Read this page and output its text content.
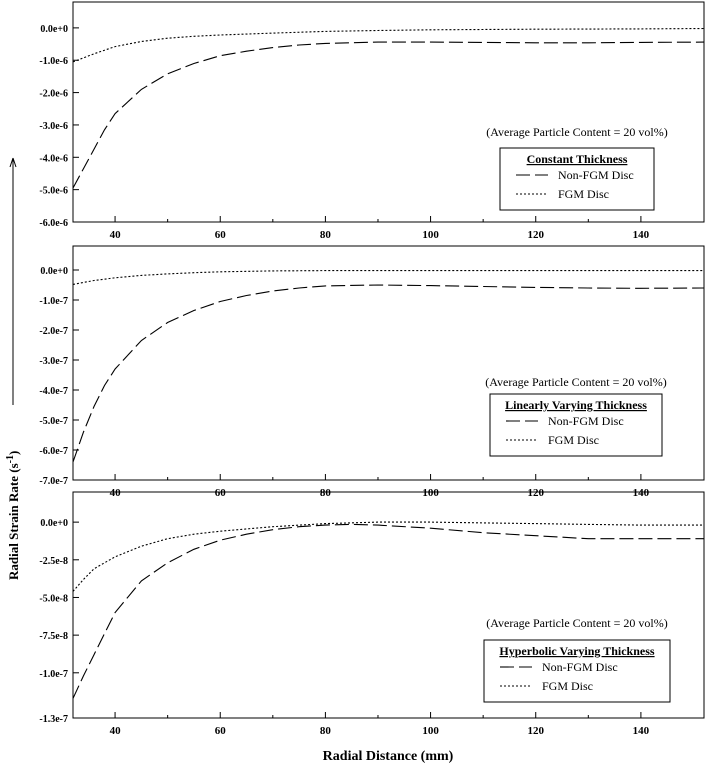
40	60	80	100	120	140
0.0e+0
-1.0e-6
-2.0e-6
-3.0e-6
-4.0e-6
-5.0e-6
-6.0e-6
(Average Particle Content = 20 vol%)
Constant Thickness
Non-FGM Disc
FGM Disc
40	60	80	100	120	140
0.0e+0
-1.0e-7
-2.0e-7
-3.0e-7
-4.0e-7
-5.0e-7
-6.0e-7
-7.0e-7
(Average Particle Content = 20 vol%)
Linearly Varying Thickness
Non-FGM Disc
FGM Disc
40	60	80	100	120	140
0.0e+0
-2.5e-8
-5.0e-8
-7.5e-8
-1.0e-7
-1.3e-7
(Average Particle Content = 20 vol%)
Hyperbolic Varying Thickness
Non-FGM Disc
FGM Disc
Radial Strain Rate $(s^{-1})$
Radial Distance (mm)
